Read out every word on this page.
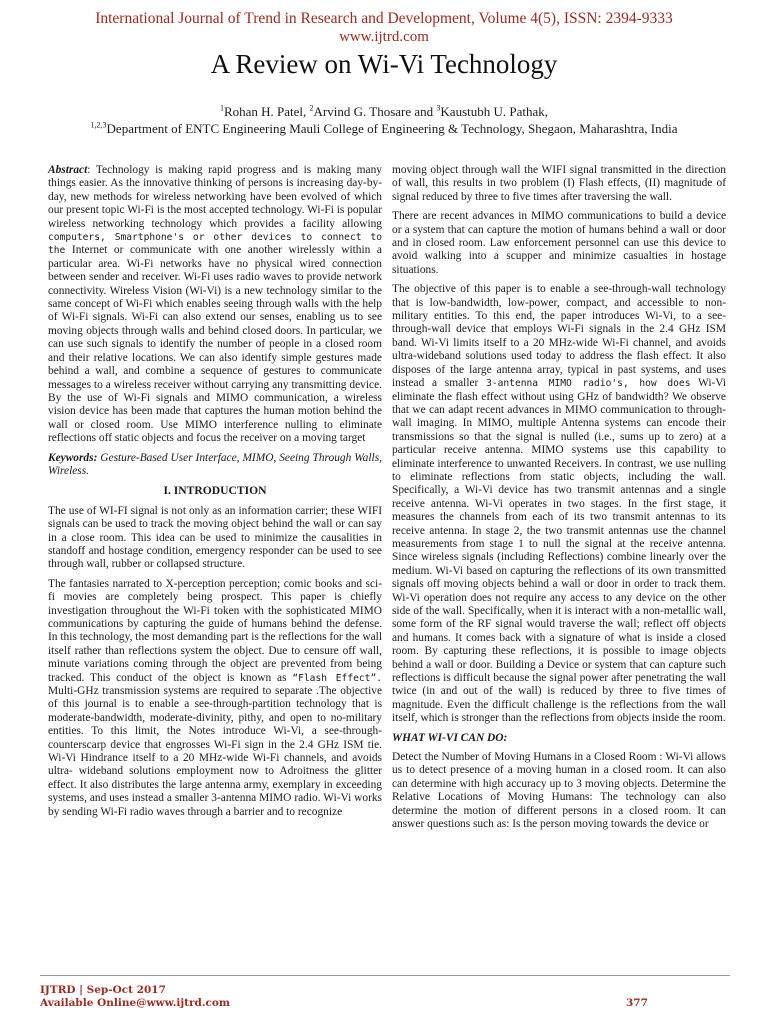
International Journal of Trend in Research and Development, Volume 4(5), ISSN: 2394-9333
www.ijtrd.com
A Review on Wi-Vi Technology
$^1$Rohan H. Patel, $^2$Arvind G. Thosare and $^3$Kaustubh U. Pathak,
$^{1,2,3}$Department of ENTC Engineering Mauli College of Engineering & Technology, Shegaon, Maharashtra, India

Abstract: Technology is making rapid progress and is making many things easier. As the innovative thinking of persons is increasing day-by-day, new methods for wireless networking have been evolved of which our present topic Wi-Fi is the most accepted technology. Wi-Fi is popular wireless networking technology which provides a facility allowing computers, Smartphone's or other devices to connect to the Internet or communicate with one another wirelessly within a particular area. Wi-Fi networks have no physical wired connection between sender and receiver. Wi-Fi uses radio waves to provide network connectivity. Wireless Vision (Wi-Vi) is a new technology similar to the same concept of Wi-Fi which enables seeing through walls with the help of Wi-Fi signals. Wi-Fi can also extend our senses, enabling us to see moving objects through walls and behind closed doors. In particular, we can use such signals to identify the number of people in a closed room and their relative locations. We can also identify simple gestures made behind a wall, and combine a sequence of gestures to communicate messages to a wireless receiver without carrying any transmitting device. By the use of Wi-Fi signals and MIMO communication, a wireless vision device has been made that captures the human motion behind the wall or closed room. Use MIMO interference nulling to eliminate reflections off static objects and focus the receiver on a moving target

Keywords: Gesture-Based User Interface, MIMO, Seeing Through Walls, Wireless.

I. INTRODUCTION

The use of WI-FI signal is not only as an information carrier; these WIFI signals can be used to track the moving object behind the wall or can say in a close room. This idea can be used to minimize the causalities in standoff and hostage condition, emergency responder can be used to see through wall, rubber or collapsed structure.

The fantasies narrated to X-perception perception; comic books and sci-fi movies are completely being prospect. This paper is chiefly investigation throughout the Wi-Fi token with the sophisticated MIMO communications by capturing the guide of humans behind the defense. In this technology, the most demanding part is the reflections for the wall itself rather than reflections system the object. Due to censure off wall, minute variations coming through the object are prevented from being tracked. This conduct of the object is known as “Flash Effect”. Multi-GHz transmission systems are required to separate .The objective of this journal is to enable a see-through-partition technology that is moderate-bandwidth, moderate-divinity, pithy, and open to no-military entities. To this limit, the Notes introduce Wi-Vi, a see-through-counterscarp device that engrosses Wi-Fi sign in the 2.4 GHz ISM tie. Wi-Vi Hindrance itself to a 20 MHz-wide Wi-Fi channels, and avoids ultra- wideband solutions employment now to Adroitness the glitter effect. It also distributes the large antenna army, exemplary in exceeding systems, and uses instead a smaller 3-antenna MIMO radio. Wi-Vi works by sending Wi-Fi radio waves through a barrier and to recognize

moving object through wall the WIFI signal transmitted in the direction of wall, this results in two problem (I) Flash effects, (II) magnitude of signal reduced by three to five times after traversing the wall.

There are recent advances in MIMO communications to build a device or a system that can capture the motion of humans behind a wall or door and in closed room. Law enforcement personnel can use this device to avoid walking into a scupper and minimize casualties in hostage situations.

The objective of this paper is to enable a see-through-wall technology that is low-bandwidth, low-power, compact, and accessible to non-military entities. To this end, the paper introduces Wi-Vi, to a see-through-wall device that employs Wi-Fi signals in the 2.4 GHz ISM band. Wi-Vi limits itself to a 20 MHz-wide Wi-Fi channel, and avoids ultra-wideband solutions used today to address the flash effect. It also disposes of the large antenna array, typical in past systems, and uses instead a smaller 3-antenna MIMO radio's, how does Wi-Vi eliminate the flash effect without using GHz of bandwidth? We observe that we can adapt recent advances in MIMO communication to through-wall imaging. In MIMO, multiple Antenna systems can encode their transmissions so that the signal is nulled (i.e., sums up to zero) at a particular receive antenna. MIMO systems use this capability to eliminate interference to unwanted Receivers. In contrast, we use nulling to eliminate reflections from static objects, including the wall. Specifically, a Wi-Vi device has two transmit antennas and a single receive antenna. Wi-Vi operates in two stages. In the first stage, it measures the channels from each of its two transmit antennas to its receive antenna. In stage 2, the two transmit antennas use the channel measurements from stage 1 to null the signal at the receive antenna. Since wireless signals (including Reflections) combine linearly over the medium. Wi-Vi based on capturing the reflections of its own transmitted signals off moving objects behind a wall or door in order to track them. Wi-Vi operation does not require any access to any device on the other side of the wall. Specifically, when it is interact with a non-metallic wall, some form of the RF signal would traverse the wall; reflect off objects and humans. It comes back with a signature of what is inside a closed room. By capturing these reflections, it is possible to image objects behind a wall or door. Building a Device or system that can capture such reflections is difficult because the signal power after penetrating the wall twice (in and out of the wall) is reduced by three to five times of magnitude. Even the difficult challenge is the reflections from the wall itself, which is stronger than the reflections from objects inside the room.

WHAT WI-VI CAN DO:

Detect the Number of Moving Humans in a Closed Room : Wi-Vi allows us to detect presence of a moving human in a closed room. It can also can determine with high accuracy up to 3 moving objects. Determine the Relative Locations of Moving Humans: The technology can also determine the motion of different persons in a closed room. It can answer questions such as: Is the person moving towards the device or

IJTRD | Sep-Oct 2017
Available Online@www.ijtrd.com	377
